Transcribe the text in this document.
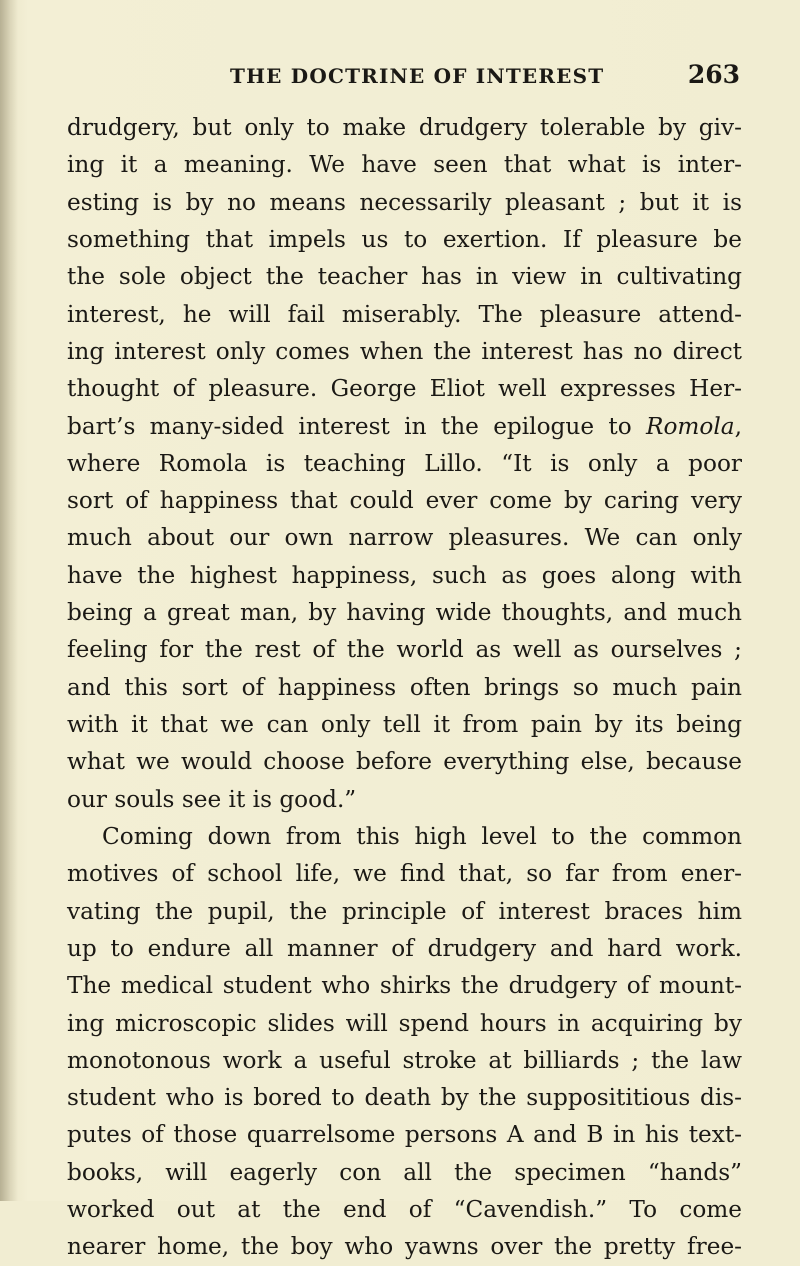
THE DOCTRINE OF INTEREST	263
drudgery, but only to make drudgery tolerable by giv-
ing it a meaning. We have seen that what is inter-
esting is by no means necessarily pleasant ; but it is
something that impels us to exertion. If pleasure be
the sole object the teacher has in view in cultivating
interest, he will fail miserably. The pleasure attend-
ing interest only comes when the interest has no direct
thought of pleasure. George Eliot well expresses Her-
bart’s many-sided interest in the epilogue to Romola,
where Romola is teaching Lillo. “It is only a poor
sort of happiness that could ever come by caring very
much about our own narrow pleasures. We can only
have the highest happiness, such as goes along with
being a great man, by having wide thoughts, and much
feeling for the rest of the world as well as ourselves ;
and this sort of happiness often brings so much pain
with it that we can only tell it from pain by its being
what we would choose before everything else, because
our souls see it is good.”
Coming down from this high level to the common
motives of school life, we find that, so far from ener-
vating the pupil, the principle of interest braces him
up to endure all manner of drudgery and hard work.
The medical student who shirks the drudgery of mount-
ing microscopic slides will spend hours in acquiring by
monotonous work a useful stroke at billiards ; the law
student who is bored to death by the supposititious dis-
putes of those quarrelsome persons A and B in his text-
books, will eagerly con all the specimen “hands”
worked out at the end of “Cavendish.” To come
nearer home, the boy who yawns over the pretty free-
